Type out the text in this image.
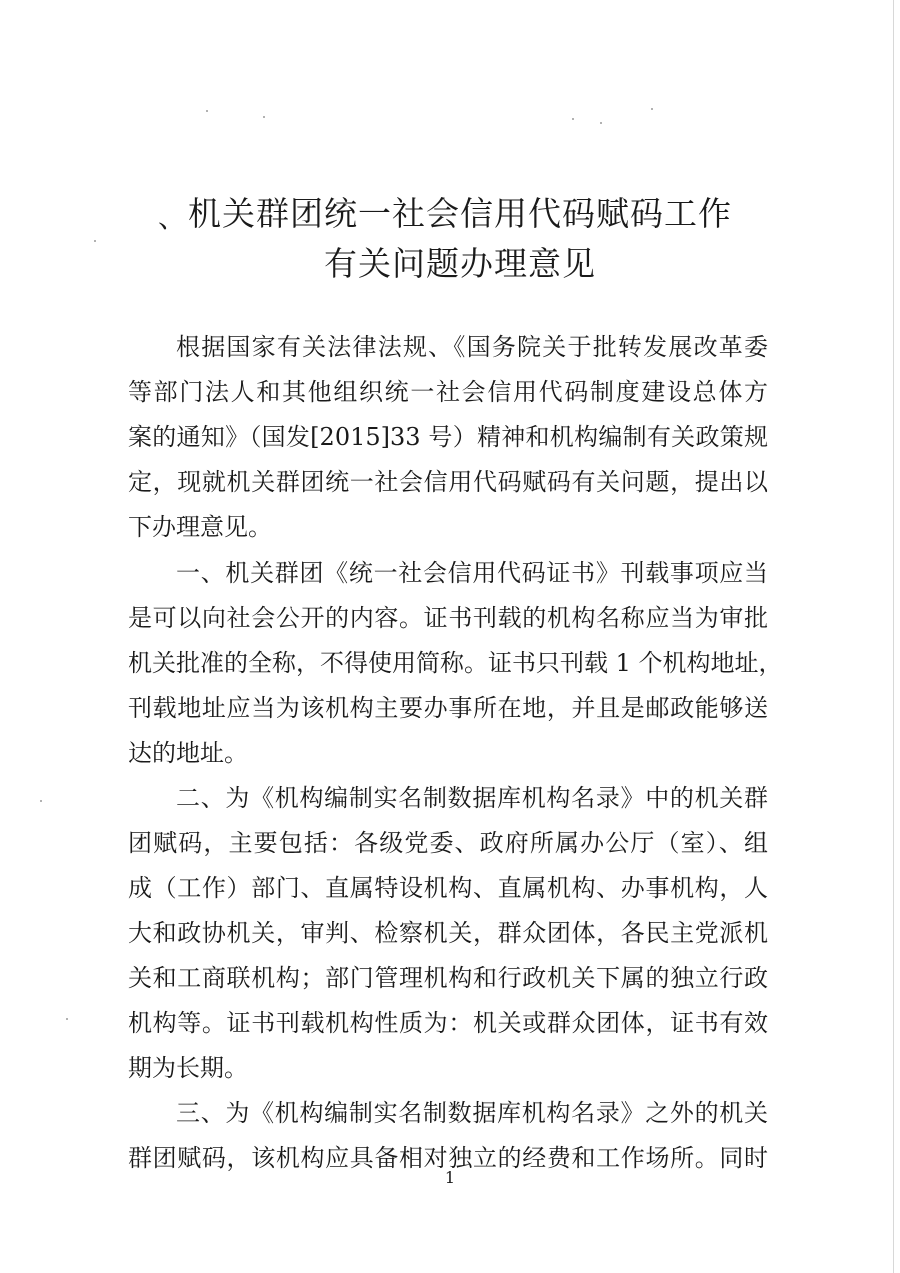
、 机关群团统一社会信用代码赋码工作
有关问题办理意见
根据国家有关法律法规、《国务院关于批转发展改革委
等部门法人和其他组织统一社会信用代码制度建设总体方
案的通知》（国发[2015]33 号）精神和机构编制有关政策规
定，现就机关群团统一社会信用代码赋码有关问题，提出以
下办理意见。
一、机关群团《统一社会信用代码证书》刊载事项应当
是可以向社会公开的内容。证书刊载的机构名称应当为审批
机关批准的全称，不得使用简称。证书只刊载 1 个机构地址，
刊载地址应当为该机构主要办事所在地，并且是邮政能够送
达的地址。
二、为《机构编制实名制数据库机构名录》中的机关群
团赋码，主要包括：各级党委、政府所属办公厅（室）、组
成（工作）部门、直属特设机构、直属机构、办事机构，人
大和政协机关，审判、检察机关，群众团体，各民主党派机
关和工商联机构；部门管理机构和行政机关下属的独立行政
机构等。证书刊载机构性质为：机关或群众团体，证书有效
期为长期。
三、为《机构编制实名制数据库机构名录》之外的机关
群团赋码，该机构应具备相对独立的经费和工作场所。同时
1
